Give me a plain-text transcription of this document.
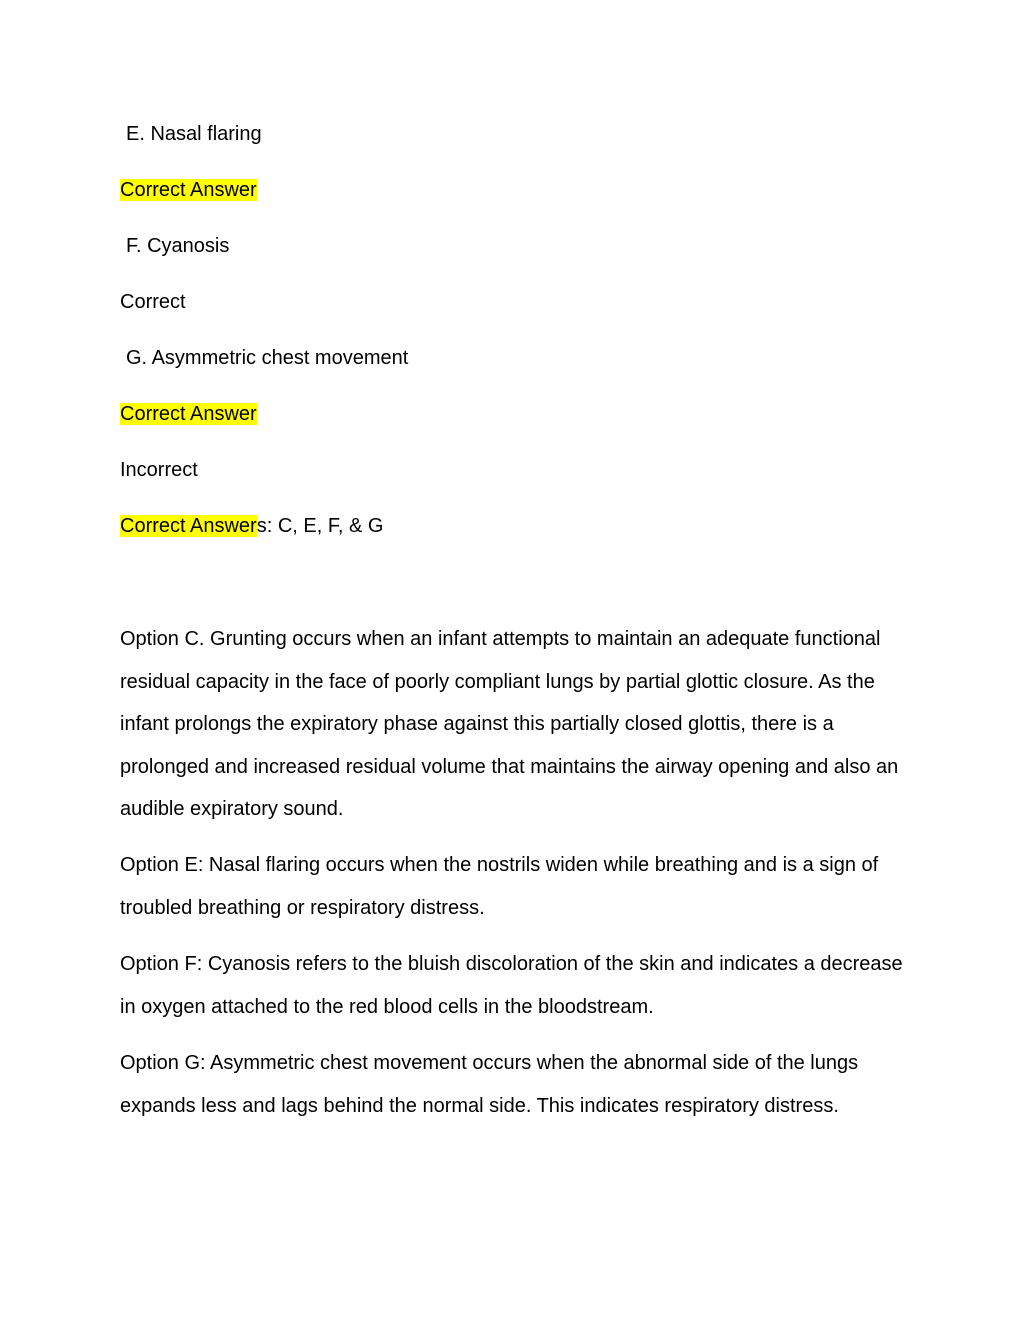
E. Nasal flaring
Correct Answer
F. Cyanosis
Correct
G. Asymmetric chest movement
Correct Answer
Incorrect
Correct Answers: C, E, F, & G
Option C. Grunting occurs when an infant attempts to maintain an adequate functional residual capacity in the face of poorly compliant lungs by partial glottic closure. As the infant prolongs the expiratory phase against this partially closed glottis, there is a prolonged and increased residual volume that maintains the airway opening and also an audible expiratory sound.
Option E: Nasal flaring occurs when the nostrils widen while breathing and is a sign of troubled breathing or respiratory distress.
Option F: Cyanosis refers to the bluish discoloration of the skin and indicates a decrease in oxygen attached to the red blood cells in the bloodstream.
Option G: Asymmetric chest movement occurs when the abnormal side of the lungs expands less and lags behind the normal side. This indicates respiratory distress.
